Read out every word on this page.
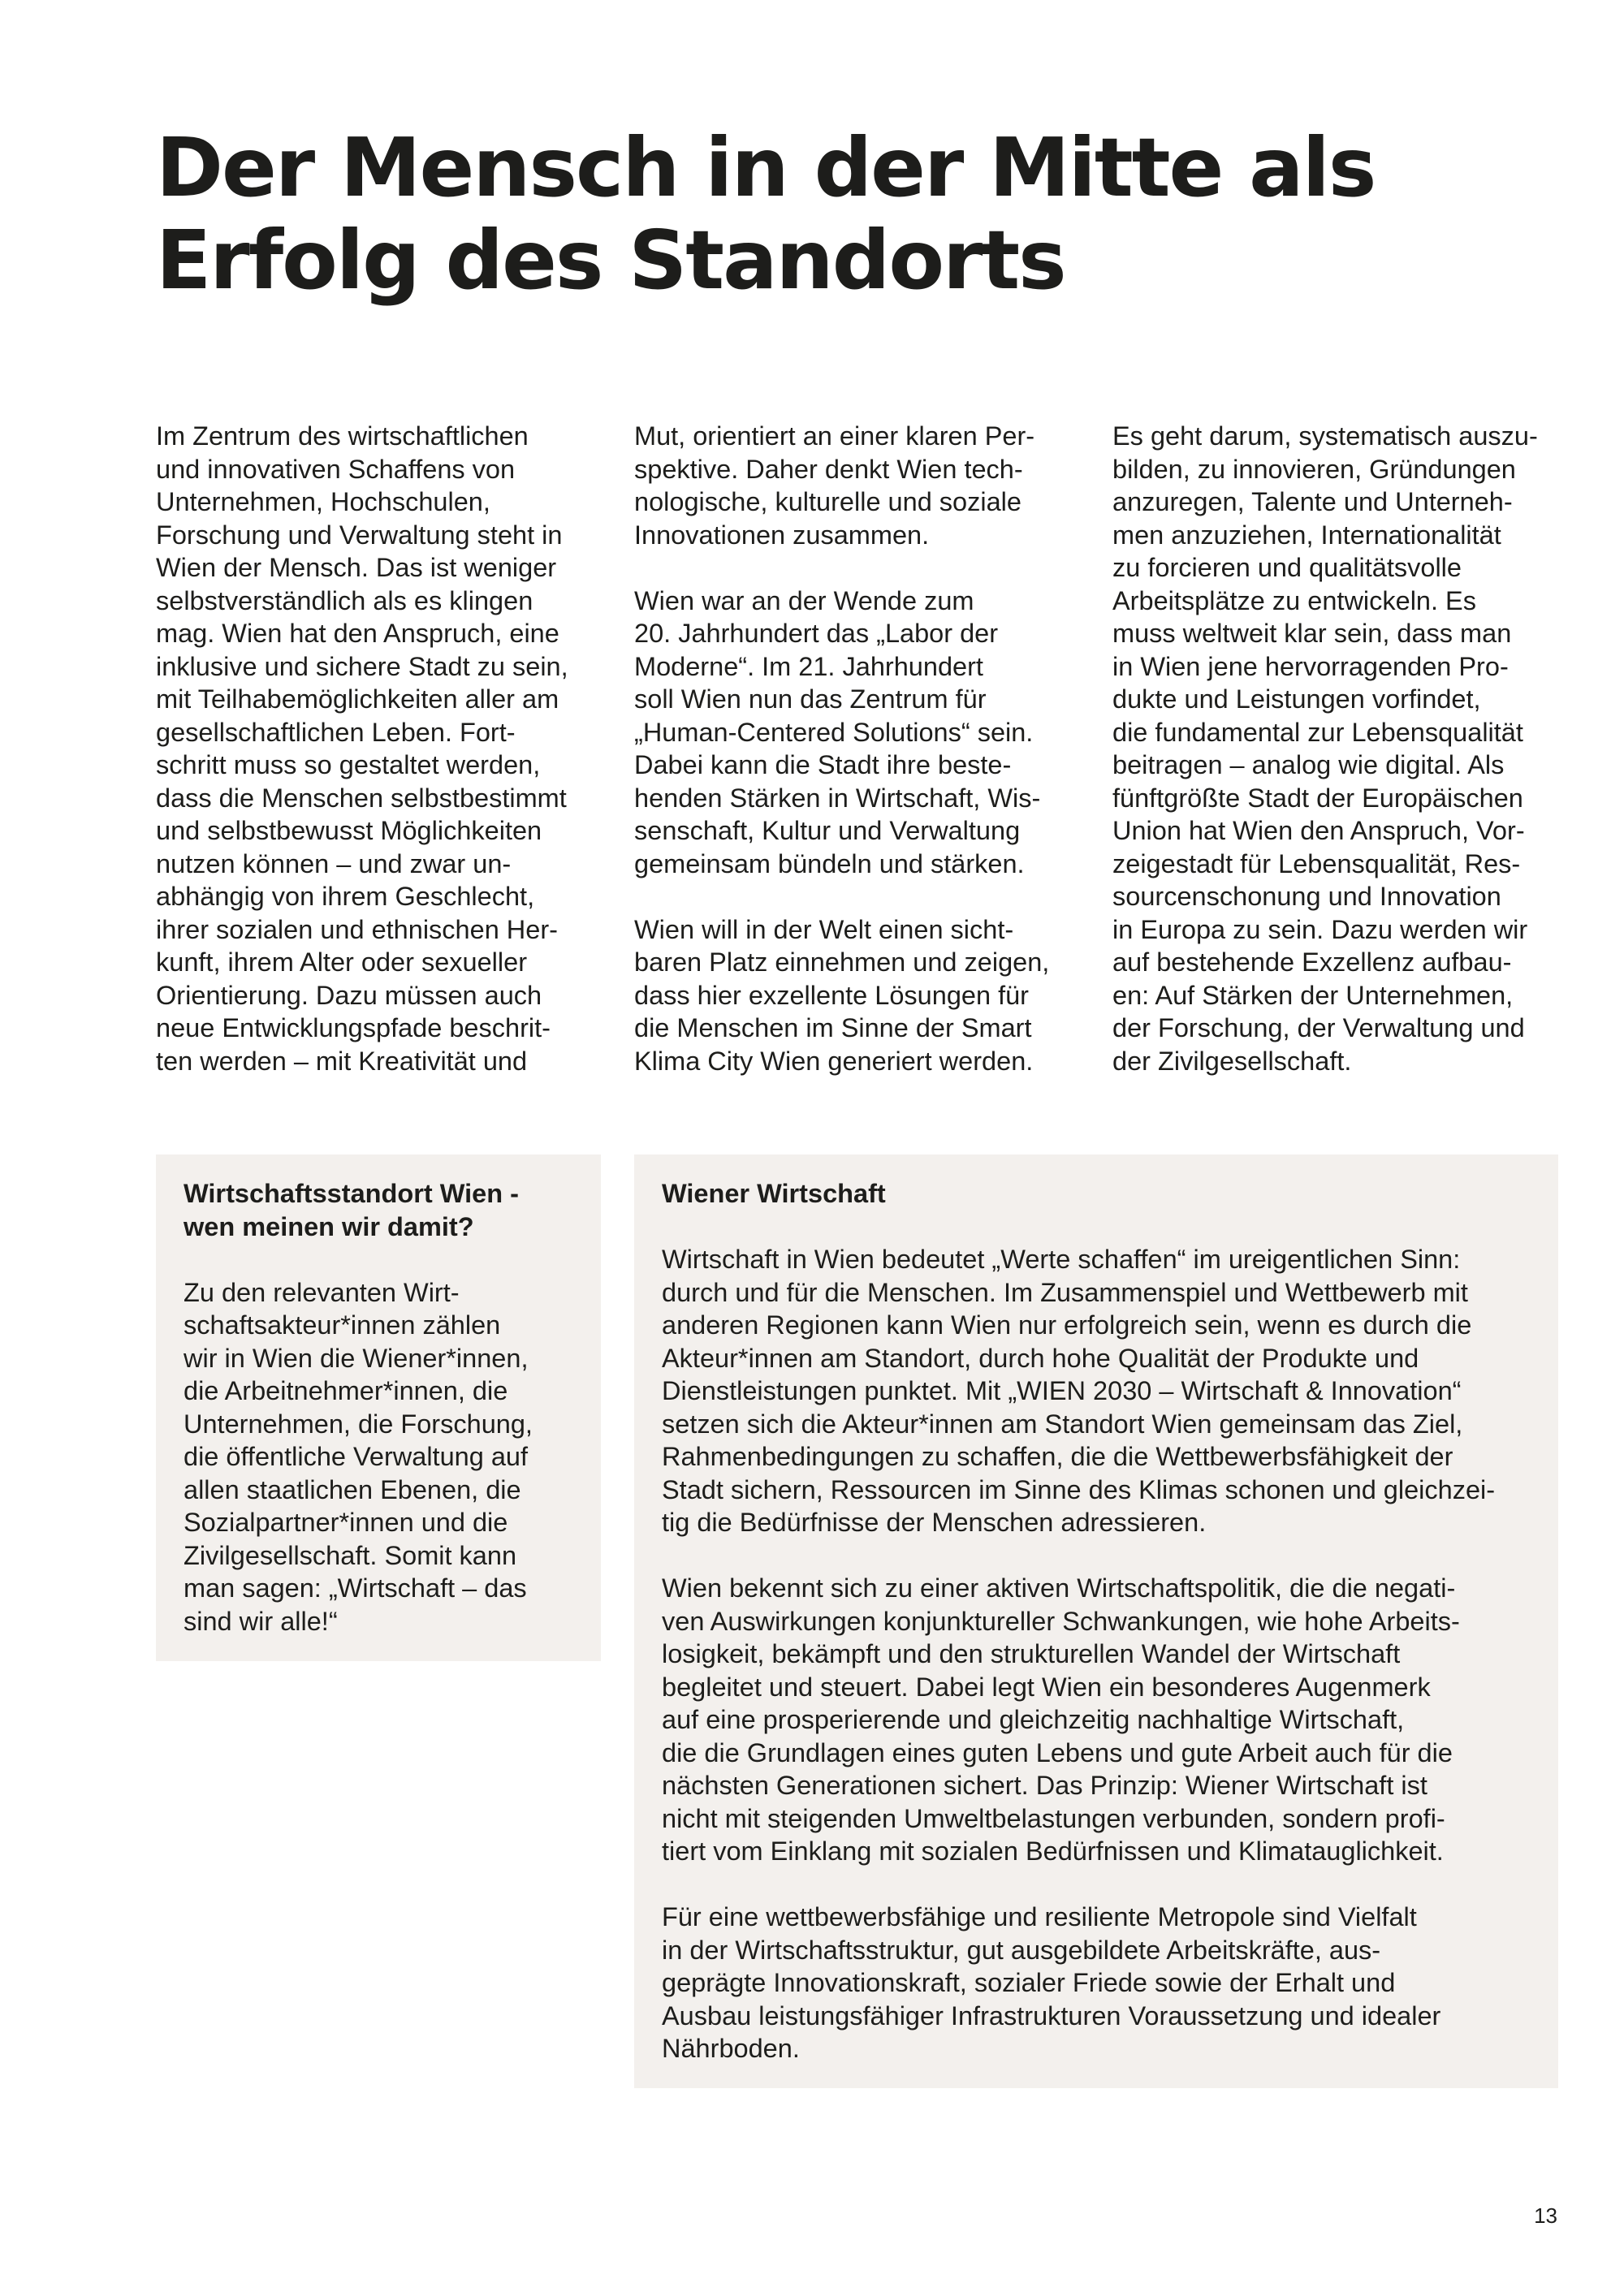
Der Mensch in der Mitte als
Erfolg des Standorts

Im Zentrum des wirtschaftlichen
und innovativen Schaffens von
Unternehmen, Hochschulen,
Forschung und Verwaltung steht in
Wien der Mensch. Das ist weniger
selbstverständlich als es klingen
mag. Wien hat den Anspruch, eine
inklusive und sichere Stadt zu sein,
mit Teilhabemöglichkeiten aller am
gesellschaftlichen Leben. Fort-
schritt muss so gestaltet werden,
dass die Menschen selbstbestimmt
und selbstbewusst Möglichkeiten
nutzen können – und zwar un-
abhängig von ihrem Geschlecht,
ihrer sozialen und ethnischen Her-
kunft, ihrem Alter oder sexueller
Orientierung. Dazu müssen auch
neue Entwicklungspfade beschrit-
ten werden – mit Kreativität und

Mut, orientiert an einer klaren Per-
spektive. Daher denkt Wien tech-
nologische, kulturelle und soziale
Innovationen zusammen.

Wien war an der Wende zum
20. Jahrhundert das „Labor der
Moderne“. Im 21. Jahrhundert
soll Wien nun das Zentrum für
„Human-Centered Solutions“ sein.
Dabei kann die Stadt ihre beste-
henden Stärken in Wirtschaft, Wis-
senschaft, Kultur und Verwaltung
gemeinsam bündeln und stärken.

Wien will in der Welt einen sicht-
baren Platz einnehmen und zeigen,
dass hier exzellente Lösungen für
die Menschen im Sinne der Smart
Klima City Wien generiert werden.

Es geht darum, systematisch auszu-
bilden, zu innovieren, Gründungen
anzuregen, Talente und Unterneh-
men anzuziehen, Internationalität
zu forcieren und qualitätsvolle
Arbeitsplätze zu entwickeln. Es
muss weltweit klar sein, dass man
in Wien jene hervorragenden Pro-
dukte und Leistungen vorfindet,
die fundamental zur Lebensqualität
beitragen – analog wie digital. Als
fünftgrößte Stadt der Europäischen
Union hat Wien den Anspruch, Vor-
zeigestadt für Lebensqualität, Res-
sourcenschonung und Innovation
in Europa zu sein. Dazu werden wir
auf bestehende Exzellenz aufbau-
en: Auf Stärken der Unternehmen,
der Forschung, der Verwaltung und
der Zivilgesellschaft.

Wirtschaftsstandort Wien -
wen meinen wir damit?

Zu den relevanten Wirt-
schaftsakteur*innen zählen
wir in Wien die Wiener*innen,
die Arbeitnehmer*innen, die
Unternehmen, die Forschung,
die öffentliche Verwaltung auf
allen staatlichen Ebenen, die
Sozialpartner*innen und die
Zivilgesellschaft. Somit kann
man sagen: „Wirtschaft – das
sind wir alle!“

Wiener Wirtschaft

Wirtschaft in Wien bedeutet „Werte schaffen“ im ureigentlichen Sinn:
durch und für die Menschen. Im Zusammenspiel und Wettbewerb mit
anderen Regionen kann Wien nur erfolgreich sein, wenn es durch die
Akteur*innen am Standort, durch hohe Qualität der Produkte und
Dienstleistungen punktet. Mit „WIEN 2030 – Wirtschaft & Innovation“
setzen sich die Akteur*innen am Standort Wien gemeinsam das Ziel,
Rahmenbedingungen zu schaffen, die die Wettbewerbsfähigkeit der
Stadt sichern, Ressourcen im Sinne des Klimas schonen und gleichzei-
tig die Bedürfnisse der Menschen adressieren.

Wien bekennt sich zu einer aktiven Wirtschaftspolitik, die die negati-
ven Auswirkungen konjunktureller Schwankungen, wie hohe Arbeits-
losigkeit, bekämpft und den strukturellen Wandel der Wirtschaft
begleitet und steuert. Dabei legt Wien ein besonderes Augenmerk
auf eine prosperierende und gleichzeitig nachhaltige Wirtschaft,
die die Grundlagen eines guten Lebens und gute Arbeit auch für die
nächsten Generationen sichert. Das Prinzip: Wiener Wirtschaft ist
nicht mit steigenden Umweltbelastungen verbunden, sondern profi-
tiert vom Einklang mit sozialen Bedürfnissen und Klimatauglichkeit.

Für eine wettbewerbsfähige und resiliente Metropole sind Vielfalt
in der Wirtschaftsstruktur, gut ausgebildete Arbeitskräfte, aus-
geprägte Innovationskraft, sozialer Friede sowie der Erhalt und
Ausbau leistungsfähiger Infrastrukturen Voraussetzung und idealer
Nährboden.

13
